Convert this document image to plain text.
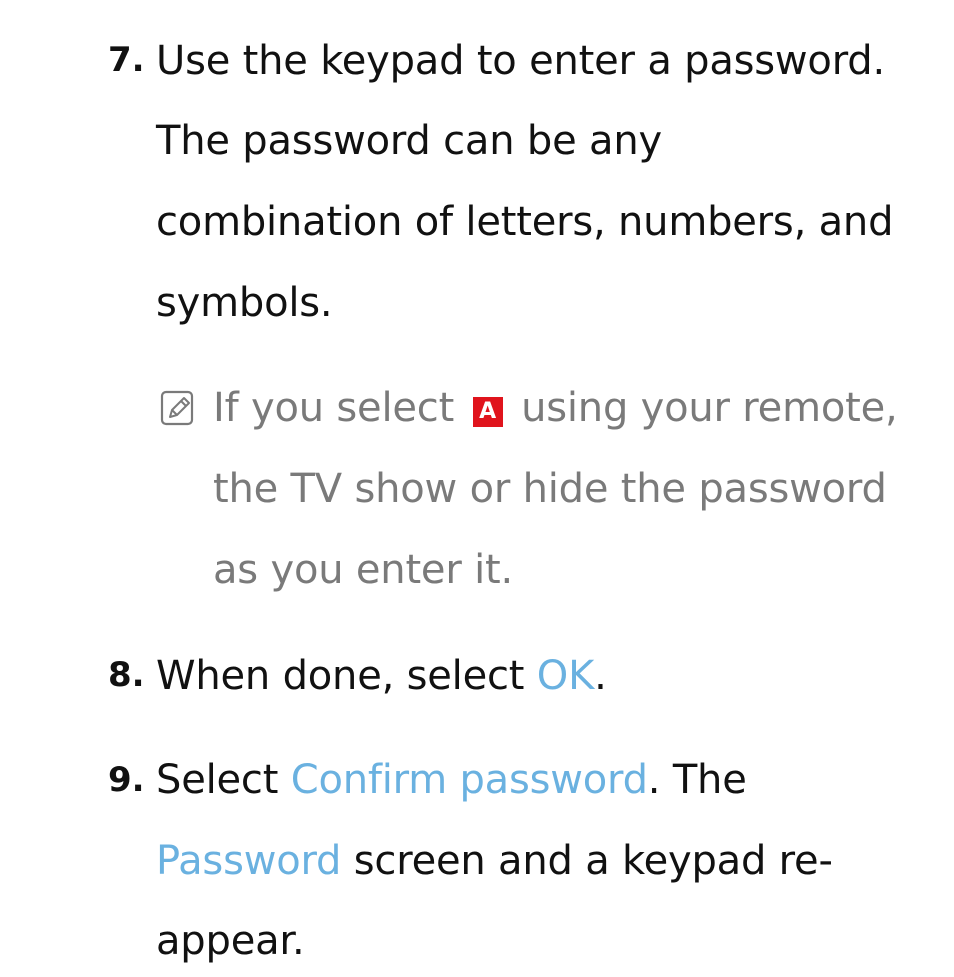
7. Use the keypad to enter a password.
The password can be any
combination of letters, numbers, and
symbols.
If you select A using your remote,
the TV show or hide the password
as you enter it.
8. When done, select OK.
9. Select Confirm password. The
Password screen and a keypad re-
appear.
